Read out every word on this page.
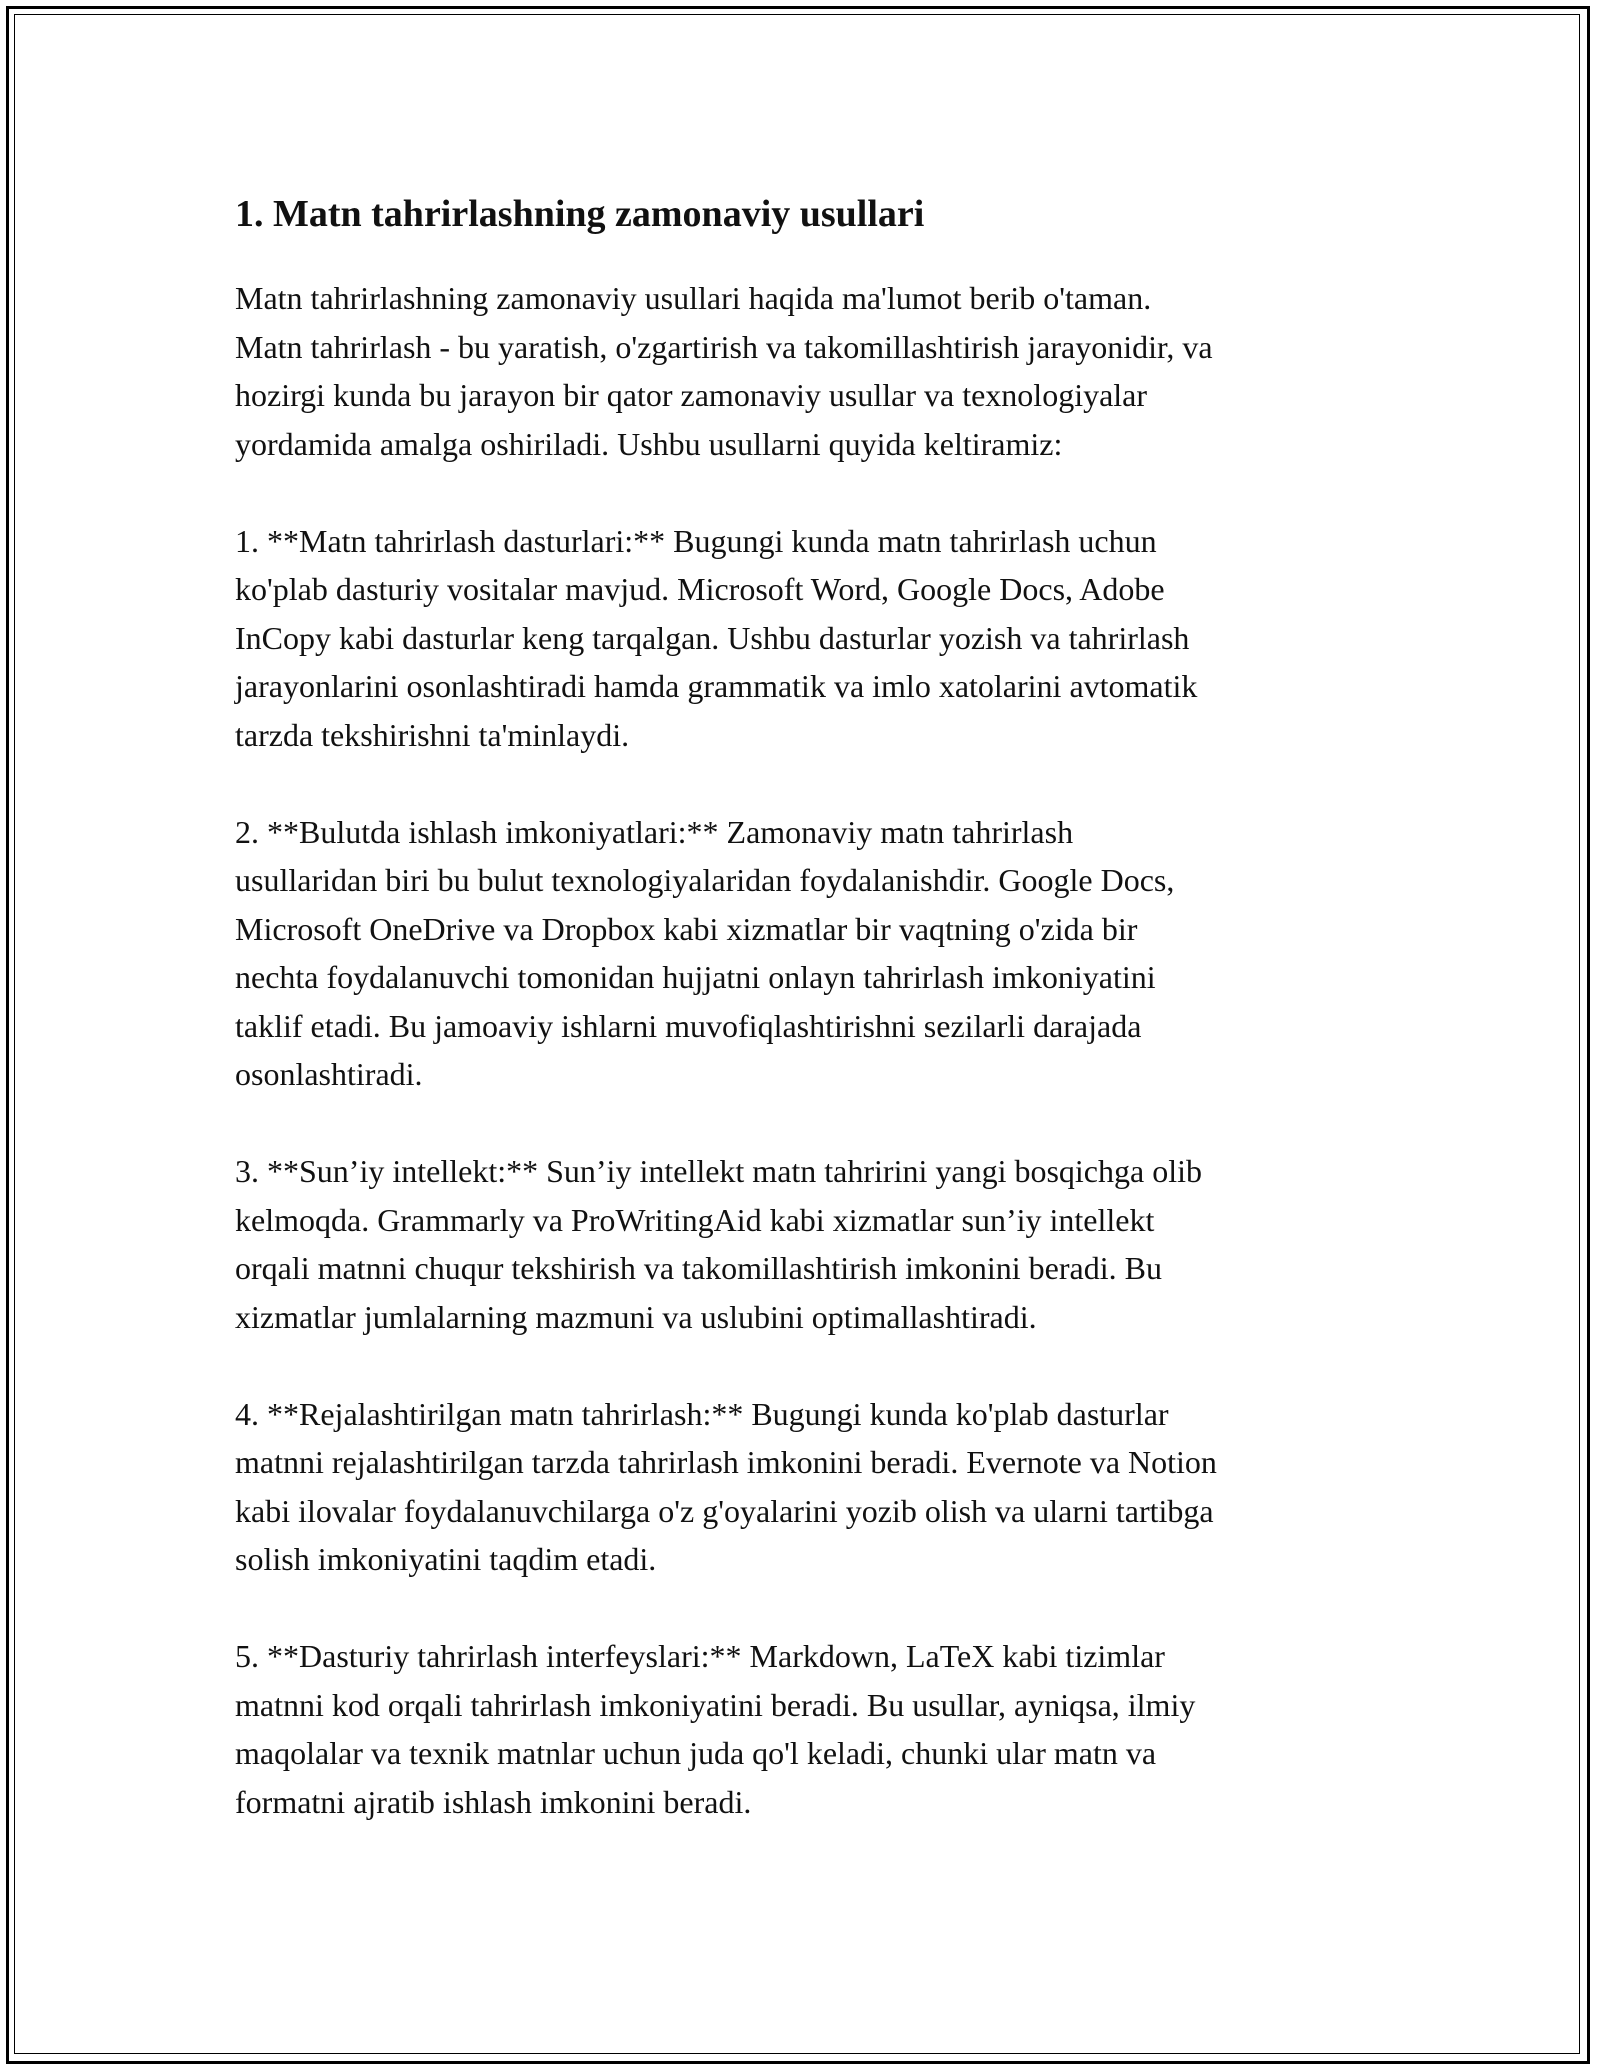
1. Matn tahrirlashning zamonaviy usullari
Matn tahrirlashning zamonaviy usullari haqida ma'lumot berib o'taman.
Matn tahrirlash - bu yaratish, o'zgartirish va takomillashtirish jarayonidir, va
hozirgi kunda bu jarayon bir qator zamonaviy usullar va texnologiyalar
yordamida amalga oshiriladi. Ushbu usullarni quyida keltiramiz:
1. **Matn tahrirlash dasturlari:** Bugungi kunda matn tahrirlash uchun
ko'plab dasturiy vositalar mavjud. Microsoft Word, Google Docs, Adobe
InCopy kabi dasturlar keng tarqalgan. Ushbu dasturlar yozish va tahrirlash
jarayonlarini osonlashtiradi hamda grammatik va imlo xatolarini avtomatik
tarzda tekshirishni ta'minlaydi.
2. **Bulutda ishlash imkoniyatlari:** Zamonaviy matn tahrirlash
usullaridan biri bu bulut texnologiyalaridan foydalanishdir. Google Docs,
Microsoft OneDrive va Dropbox kabi xizmatlar bir vaqtning o'zida bir
nechta foydalanuvchi tomonidan hujjatni onlayn tahrirlash imkoniyatini
taklif etadi. Bu jamoaviy ishlarni muvofiqlashtirishni sezilarli darajada
osonlashtiradi.
3. **Sun’iy intellekt:** Sun’iy intellekt matn tahririni yangi bosqichga olib
kelmoqda. Grammarly va ProWritingAid kabi xizmatlar sun’iy intellekt
orqali matnni chuqur tekshirish va takomillashtirish imkonini beradi. Bu
xizmatlar jumlalarning mazmuni va uslubini optimallashtiradi.
4. **Rejalashtirilgan matn tahrirlash:** Bugungi kunda ko'plab dasturlar
matnni rejalashtirilgan tarzda tahrirlash imkonini beradi. Evernote va Notion
kabi ilovalar foydalanuvchilarga o'z g'oyalarini yozib olish va ularni tartibga
solish imkoniyatini taqdim etadi.
5. **Dasturiy tahrirlash interfeyslari:** Markdown, LaTeX kabi tizimlar
matnni kod orqali tahrirlash imkoniyatini beradi. Bu usullar, ayniqsa, ilmiy
maqolalar va texnik matnlar uchun juda qo'l keladi, chunki ular matn va
formatni ajratib ishlash imkonini beradi.
